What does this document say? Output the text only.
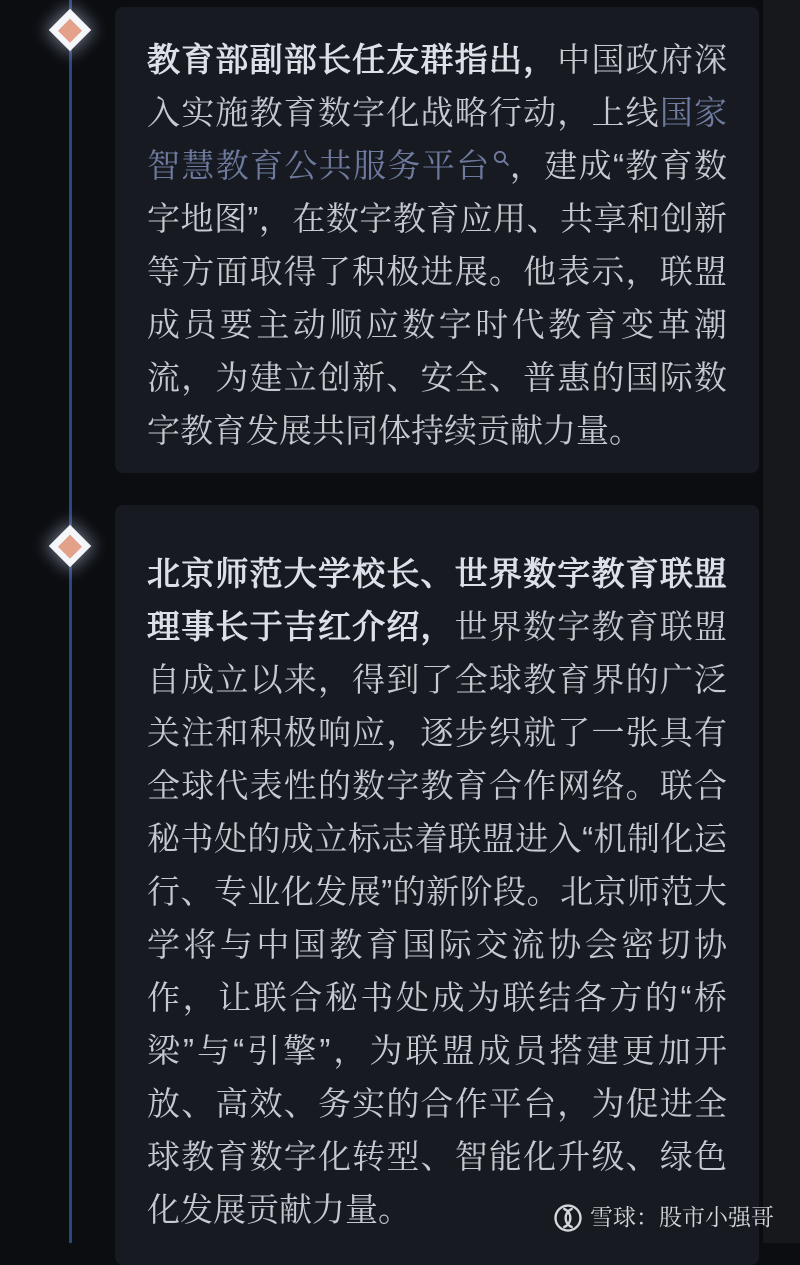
教育部副部长任友群指出，中国政府深入实施教育数字化战略行动，上线国家智慧教育公共服务平台 ，建成“教育数字地图”，在数字教育应用、共享和创新等方面取得了积极进展。他表示，联盟成员要主动顺应数字时代教育变革潮流，为建立创新、安全、普惠的国际数字教育发展共同体持续贡献力量。

北京师范大学校长、世界数字教育联盟理事长于吉红介绍，世界数字教育联盟自成立以来，得到了全球教育界的广泛关注和积极响应，逐步织就了一张具有全球代表性的数字教育合作网络。联合秘书处的成立标志着联盟进入“机制化运行、专业化发展”的新阶段。北京师范大学将与中国教育国际交流协会密切协作，让联合秘书处成为联结各方的“桥梁”与“引擎”，为联盟成员搭建更加开放、高效、务实的合作平台，为促进全球教育数字化转型、智能化升级、绿色化发展贡献力量。	雪球：股市小强哥
